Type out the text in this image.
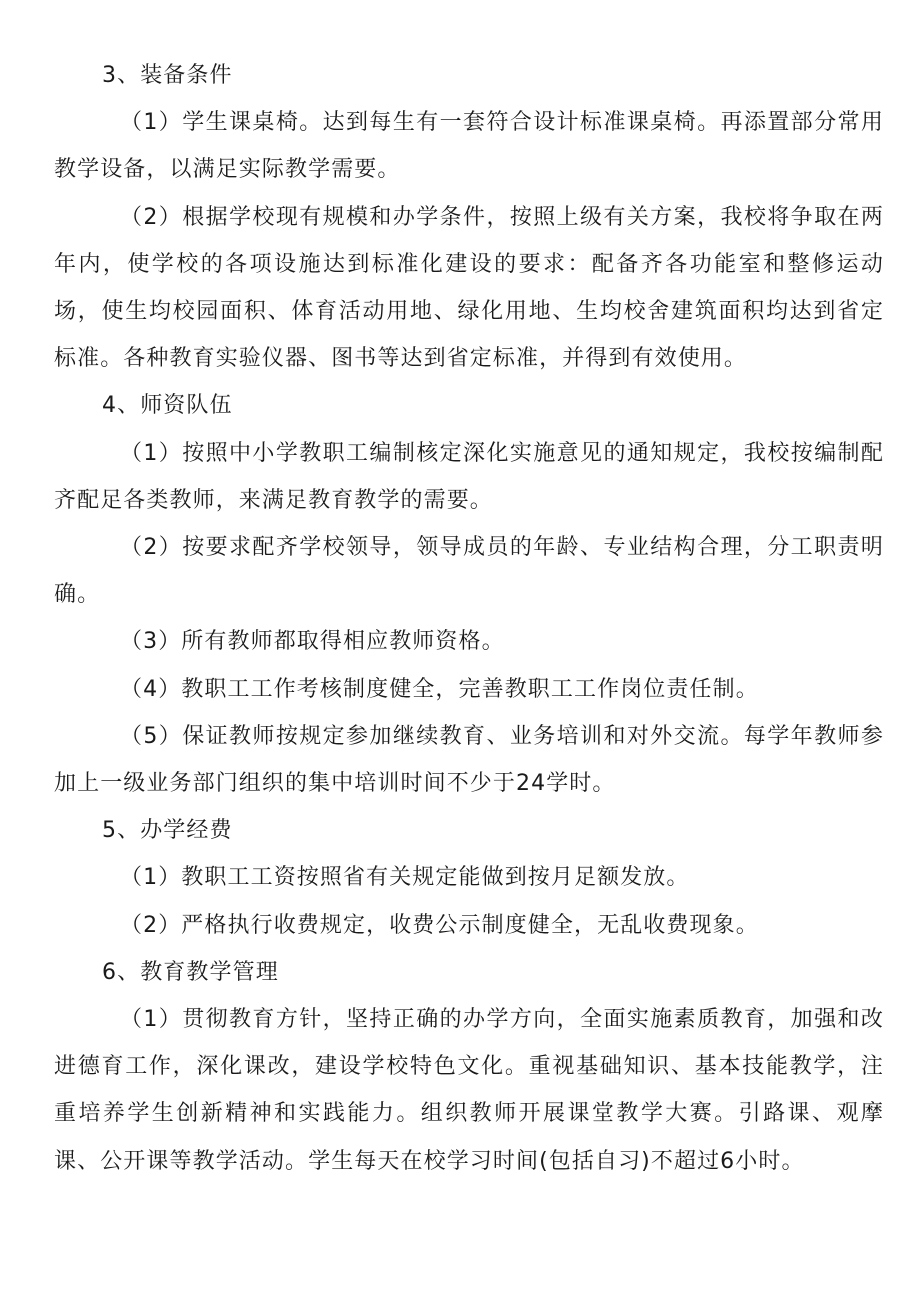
3、装备条件

（1）学生课桌椅。达到每生有一套符合设计标准课桌椅。再添置部分常用教学设备，以满足实际教学需要。

（2）根据学校现有规模和办学条件，按照上级有关方案，我校将争取在两年内，使学校的各项设施达到标准化建设的要求：配备齐各功能室和整修运动场，使生均校园面积、体育活动用地、绿化用地、生均校舍建筑面积均达到省定标准。各种教育实验仪器、图书等达到省定标准，并得到有效使用。

4、师资队伍

（1）按照中小学教职工编制核定深化实施意见的通知规定，我校按编制配齐配足各类教师，来满足教育教学的需要。

（2）按要求配齐学校领导，领导成员的年龄、专业结构合理，分工职责明确。

（3）所有教师都取得相应教师资格。

（4）教职工工作考核制度健全，完善教职工工作岗位责任制。

（5）保证教师按规定参加继续教育、业务培训和对外交流。每学年教师参加上一级业务部门组织的集中培训时间不少于24学时。

5、办学经费

（1）教职工工资按照省有关规定能做到按月足额发放。

（2）严格执行收费规定，收费公示制度健全，无乱收费现象。

6、教育教学管理

（1）贯彻教育方针，坚持正确的办学方向，全面实施素质教育，加强和改进德育工作，深化课改，建设学校特色文化。重视基础知识、基本技能教学，注重培养学生创新精神和实践能力。组织教师开展课堂教学大赛。引路课、观摩课、公开课等教学活动。学生每天在校学习时间(包括自习)不超过6小时。
